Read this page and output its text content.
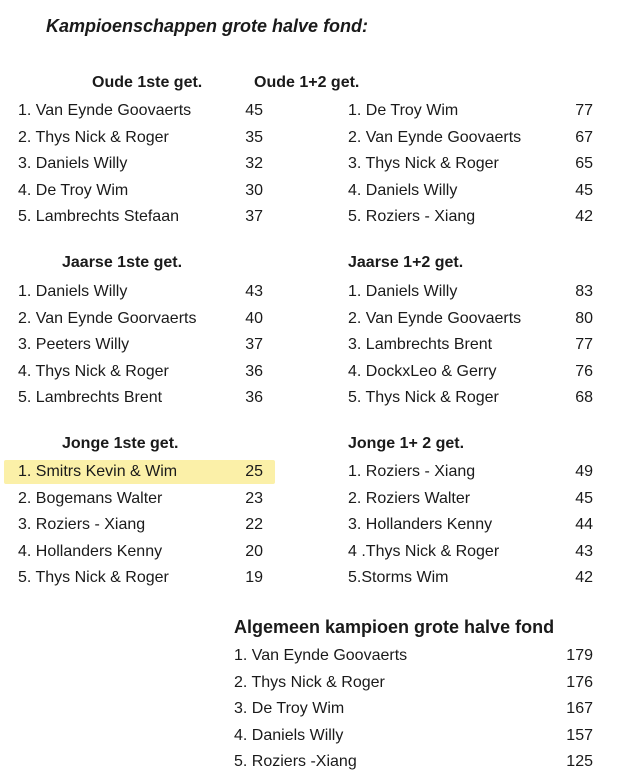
Kampioenschappen grote halve fond:
Oude 1ste get.
1. Van Eynde Goovaerts	45
2. Thys Nick & Roger	35
3. Daniels Willy	32
4. De Troy Wim	30
5. Lambrechts Stefaan	37
Oude 1+2 get.
1. De Troy Wim	77
2. Van Eynde Goovaerts	67
3. Thys Nick & Roger	65
4. Daniels Willy	45
5. Roziers - Xiang	42
Jaarse 1ste get.
1. Daniels Willy	43
2. Van Eynde Goorvaerts	40
3. Peeters Willy	37
4. Thys Nick & Roger	36
5. Lambrechts Brent	36
Jaarse 1+2 get.
1. Daniels Willy	83
2. Van Eynde Goovaerts	80
3. Lambrechts Brent	77
4. DockxLeo & Gerry	76
5. Thys Nick & Roger	68
Jonge 1ste get.
1. Smitrs Kevin & Wim	25
2. Bogemans Walter	23
3. Roziers - Xiang	22
4. Hollanders Kenny	20
5. Thys Nick & Roger	19
Jonge 1+ 2 get.
1. Roziers - Xiang	49
2. Roziers Walter	45
3. Hollanders Kenny	44
4 .Thys Nick & Roger	43
5.Storms Wim	42
Algemeen kampioen grote halve fond
1. Van Eynde Goovaerts	179
2. Thys Nick & Roger	176
3. De Troy Wim	167
4. Daniels Willy	157
5. Roziers -Xiang	125
